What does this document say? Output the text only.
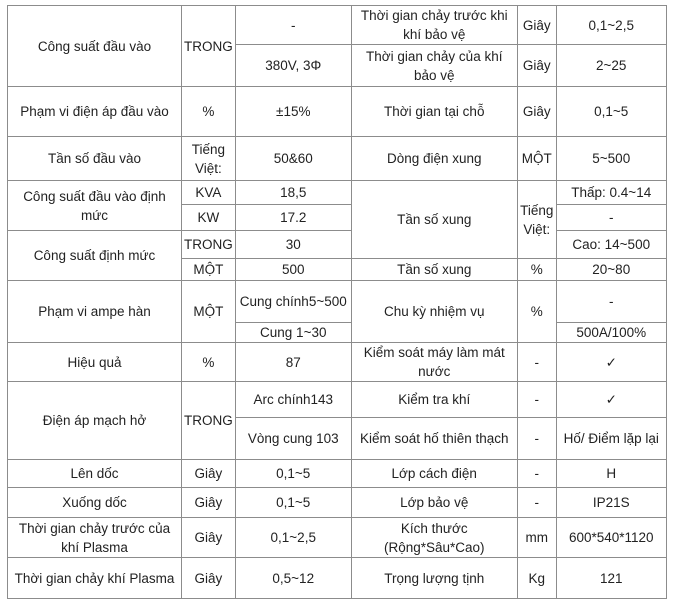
Công suất đầu vào	TRONG	-	Thời gian chảy trước khi khí bảo vệ	Giây	0,1~2,5
		380V, 3Φ	Thời gian chảy của khí bảo vệ	Giây	2~25
Phạm vi điện áp đầu vào	%	±15%	Thời gian tại chỗ	Giây	0,1~5
Tần số đầu vào	Tiếng Việt:	50&60	Dòng điện xung	MỘT	5~500
Công suất đầu vào định mức	KVA	18,5	Tần số xung	Tiếng Việt:	Thấp: 0.4~14
	KW	17.2			-
Công suất định mức	TRONG	30			Cao: 14~500
	MỘT	500	Tần số xung	%	20~80
Phạm vi ampe hàn	MỘT	Cung chính5~500	Chu kỳ nhiệm vụ	%	-
		Cung 1~30			500A/100%
Hiệu quả	%	87	Kiểm soát máy làm mát nước	-	✓
Điện áp mạch hở	TRONG	Arc chính143	Kiểm tra khí	-	✓
		Vòng cung 103	Kiểm soát hố thiên thạch	-	Hố/ Điểm lặp lại
Lên dốc	Giây	0,1~5	Lớp cách điện	-	H
Xuống dốc	Giây	0,1~5	Lớp bảo vệ	-	IP21S
Thời gian chảy trước của khí Plasma	Giây	0,1~2,5	Kích thước (Rộng*Sâu*Cao)	mm	600*540*1120
Thời gian chảy khí Plasma	Giây	0,5~12	Trọng lượng tịnh	Kg	121
